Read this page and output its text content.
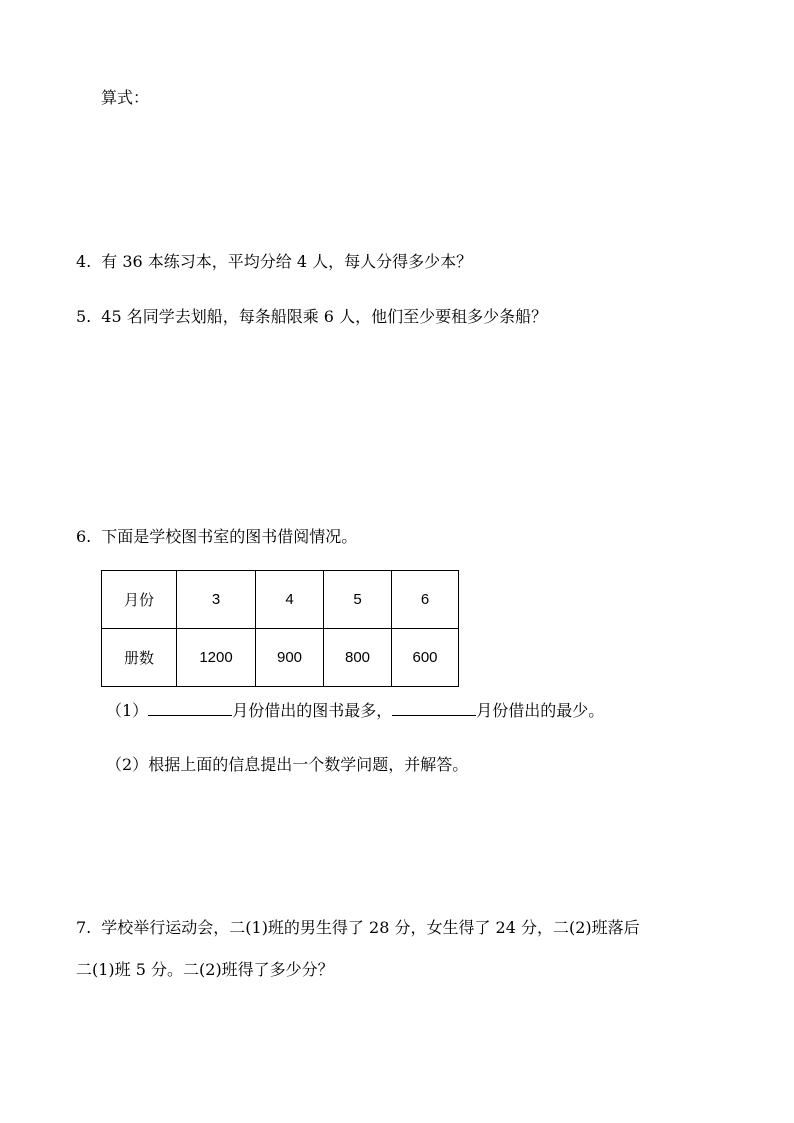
算式：
4. 有 36 本练习本，平均分给 4 人，每人分得多少本？
5. 45 名同学去划船，每条船限乘 6 人，他们至少要租多少条船？
6. 下面是学校图书室的图书借阅情况。
月份	3	4	5	6
册数	1200	900	800	600
（1）	月份借出的图书最多，	月份借出的最少。
（2）根据上面的信息提出一个数学问题，并解答。
7. 学校举行运动会，二(1)班的男生得了 28 分，女生得了 24 分，二(2)班落后
二(1)班 5 分。二(2)班得了多少分？
